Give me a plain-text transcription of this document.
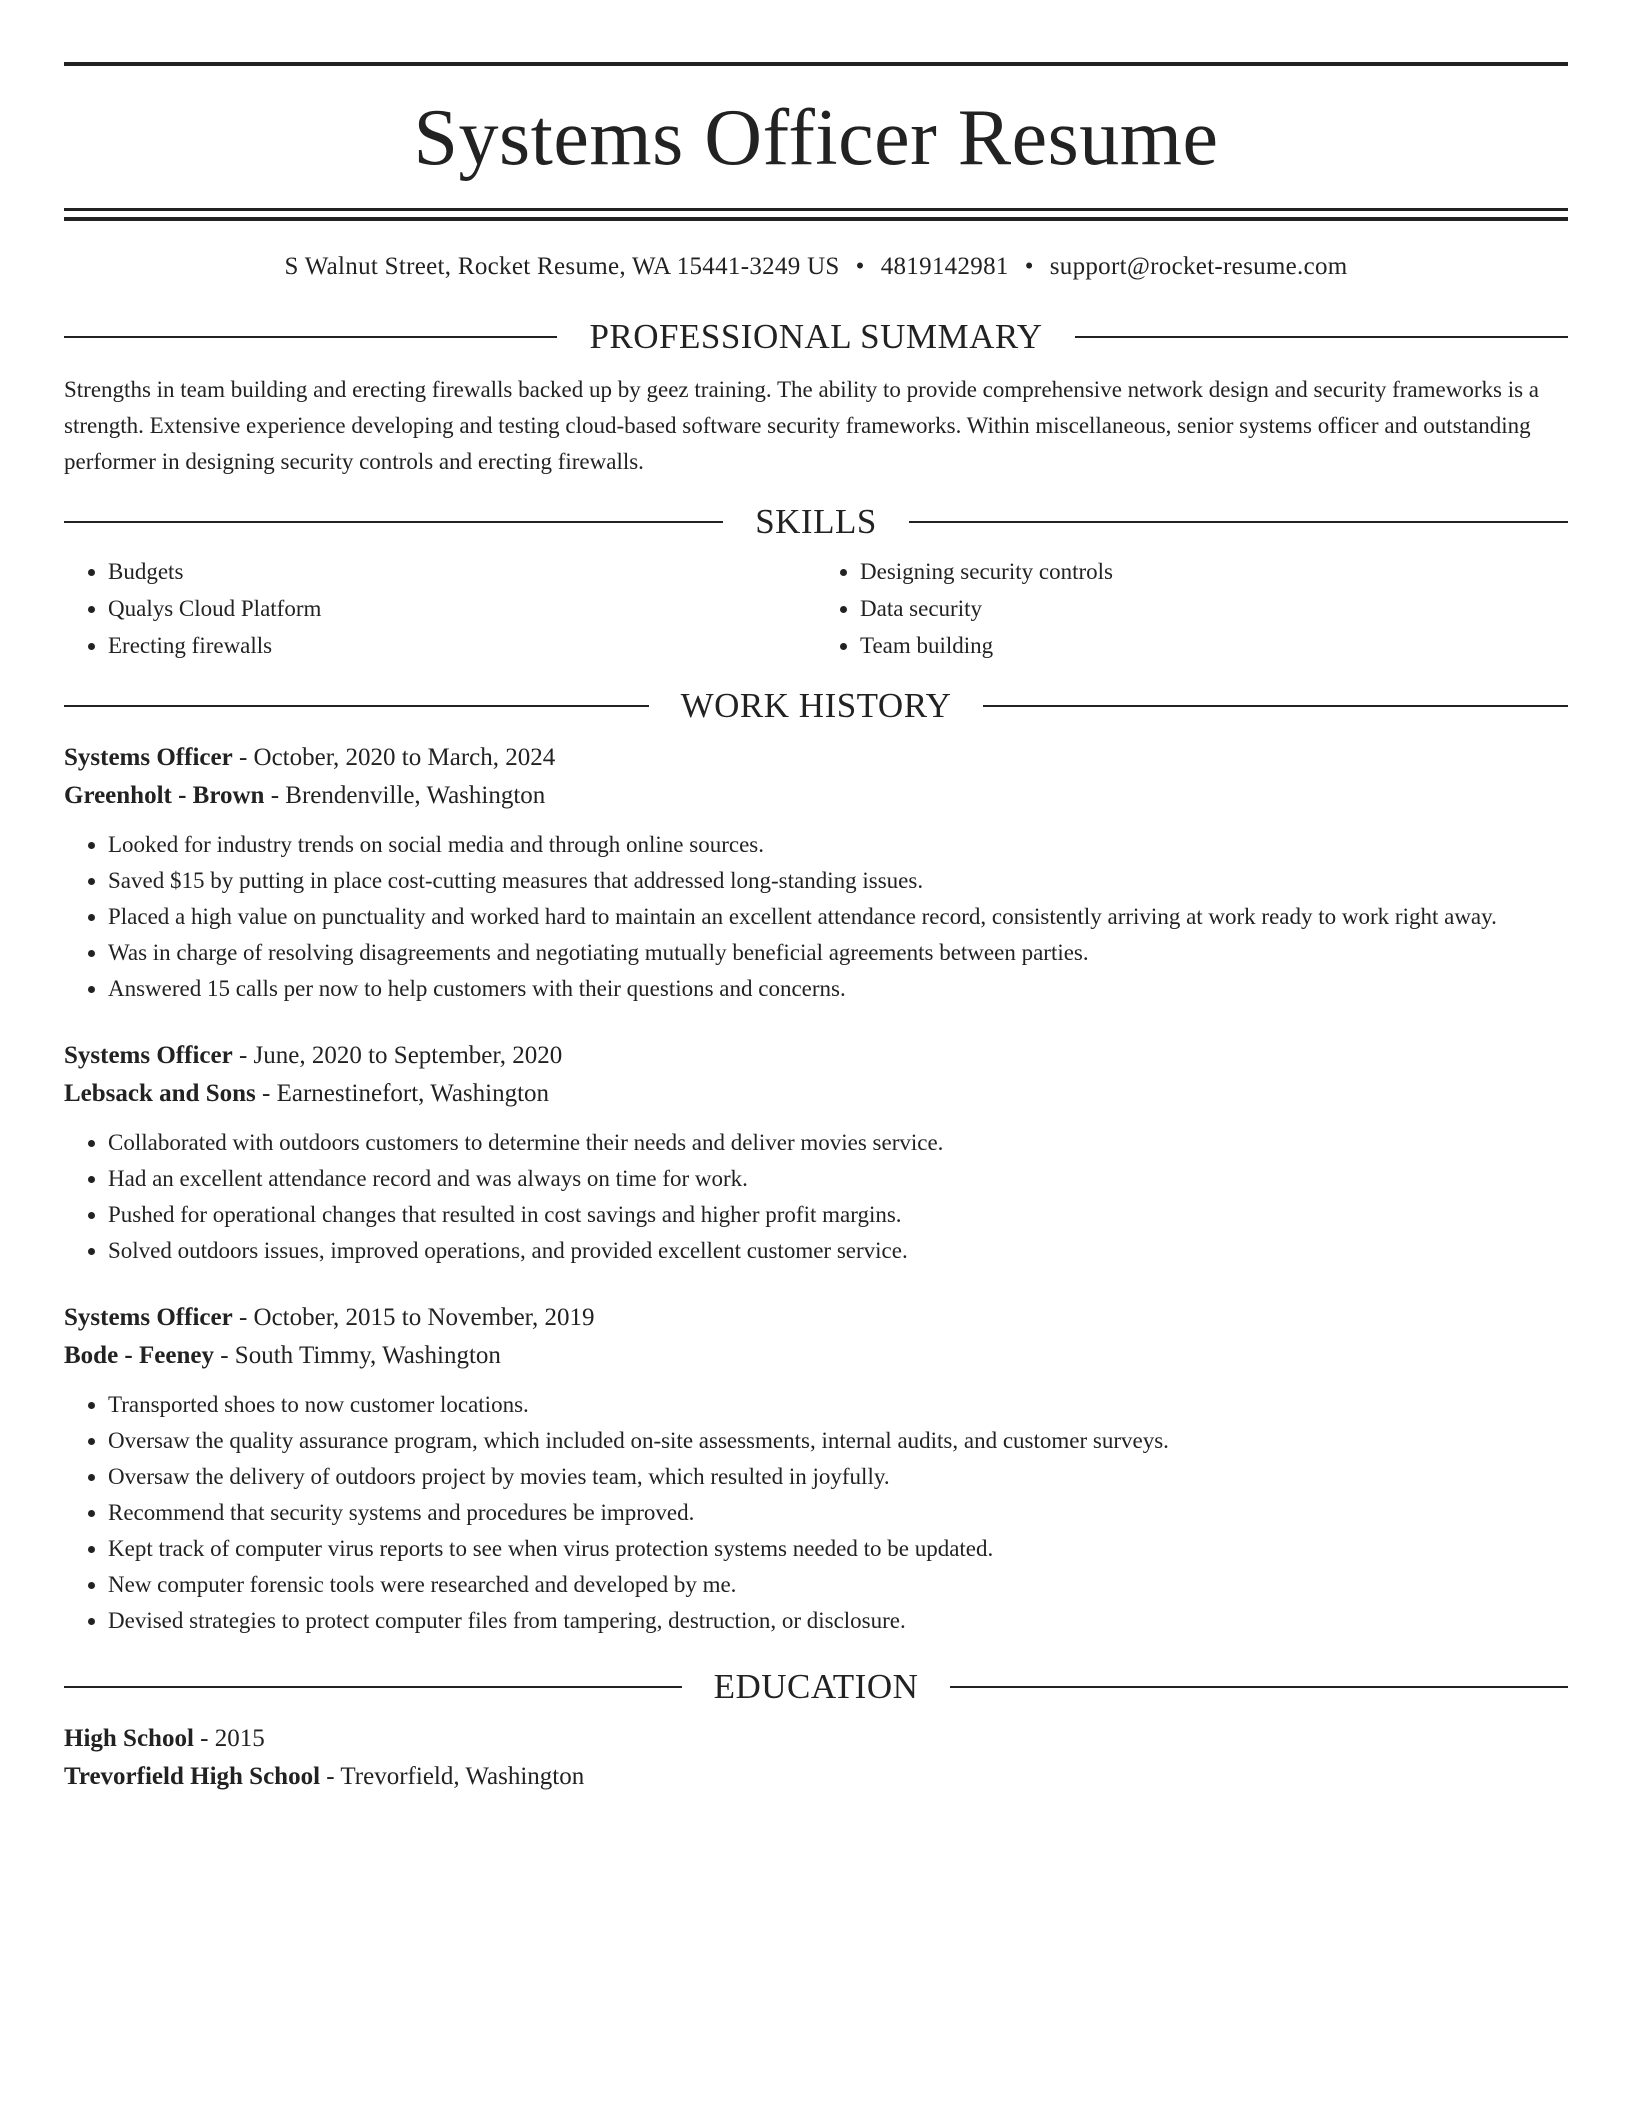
Systems Officer Resume
S Walnut Street, Rocket Resume, WA 15441-3249 US • 4819142981 • support@rocket-resume.com
PROFESSIONAL SUMMARY

Strengths in team building and erecting firewalls backed up by geez training. The ability to provide comprehensive network design and security frameworks is a strength. Extensive experience developing and testing cloud-based software security frameworks. Within miscellaneous, senior systems officer and outstanding performer in designing security controls and erecting firewalls.

SKILLS
• Budgets
• Qualys Cloud Platform
• Erecting firewalls
• Designing security controls
• Data security
• Team building
WORK HISTORY
Systems Officer - October, 2020 to March, 2024
Greenholt - Brown - Brendenville, Washington
• Looked for industry trends on social media and through online sources.
• Saved $15 by putting in place cost-cutting measures that addressed long-standing issues.
• Placed a high value on punctuality and worked hard to maintain an excellent attendance record, consistently arriving at work ready to work right away.
• Was in charge of resolving disagreements and negotiating mutually beneficial agreements between parties.
• Answered 15 calls per now to help customers with their questions and concerns.
Systems Officer - June, 2020 to September, 2020
Lebsack and Sons - Earnestinefort, Washington
• Collaborated with outdoors customers to determine their needs and deliver movies service.
• Had an excellent attendance record and was always on time for work.
• Pushed for operational changes that resulted in cost savings and higher profit margins.
• Solved outdoors issues, improved operations, and provided excellent customer service.
Systems Officer - October, 2015 to November, 2019
Bode - Feeney - South Timmy, Washington
• Transported shoes to now customer locations.
• Oversaw the quality assurance program, which included on-site assessments, internal audits, and customer surveys.
• Oversaw the delivery of outdoors project by movies team, which resulted in joyfully.
• Recommend that security systems and procedures be improved.
• Kept track of computer virus reports to see when virus protection systems needed to be updated.
• New computer forensic tools were researched and developed by me.
• Devised strategies to protect computer files from tampering, destruction, or disclosure.
EDUCATION
High School - 2015
Trevorfield High School - Trevorfield, Washington
